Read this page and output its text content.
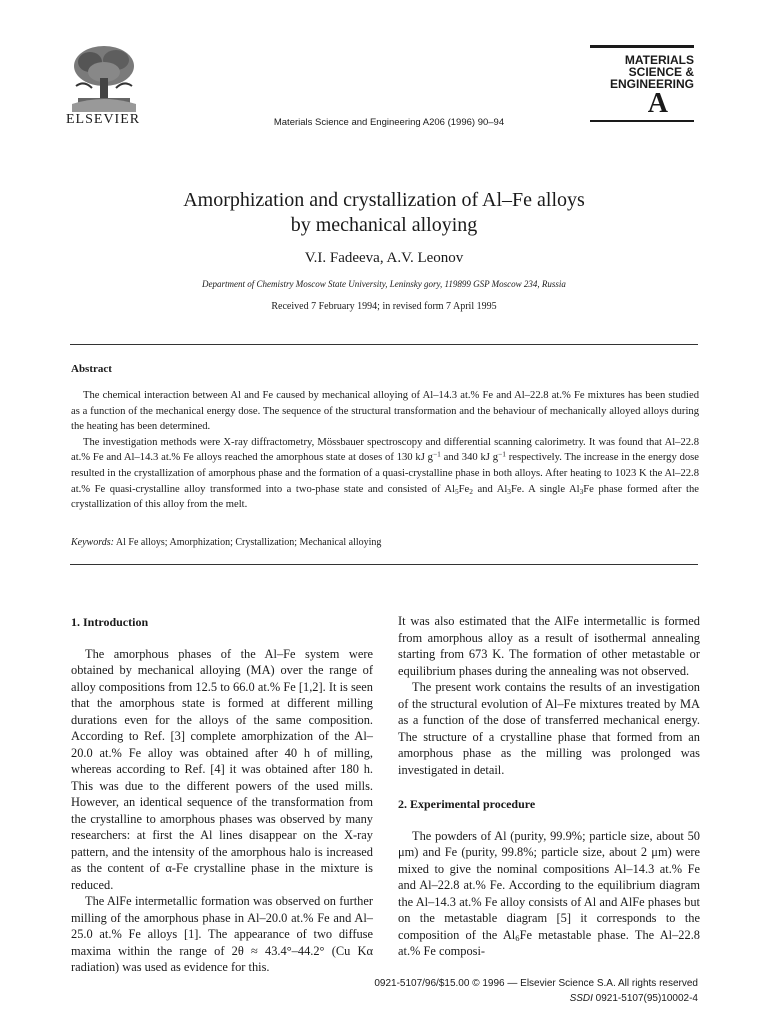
ELSEVIER	Materials Science and Engineering A206 (1996) 90–94
MATERIALS
SCIENCE &
ENGINEERING
A
Amorphization and crystallization of Al–Fe alloys
by mechanical alloying
V.I. Fadeeva, A.V. Leonov
Department of Chemistry Moscow State University, Leninsky gory, 119899 GSP Moscow 234, Russia
Received 7 February 1994; in revised form 7 April 1995
Abstract

The chemical interaction between Al and Fe caused by mechanical alloying of Al–14.3 at.% Fe and Al–22.8 at.% Fe mixtures has been studied as a function of the mechanical energy dose. The sequence of the structural transformation and the behaviour of mechanically alloyed alloys during the heating has been determined.

The investigation methods were X-ray diffractometry, Mössbauer spectroscopy and differential scanning calorimetry. It was found that Al–22.8 at.% Fe and Al–14.3 at.% Fe alloys reached the amorphous state at doses of 130 kJ $g^{-1}$ and 340 kJ $g^{-1}$ respectively. The increase in the energy dose resulted in the crystallization of amorphous phase and the formation of a quasi-crystalline phase in both alloys. After heating to 1023 K the Al–22.8 at.% Fe quasi-crystalline alloy transformed into a two-phase state and consisted of $Al_5Fe_2$ and $Al_3Fe$. A single $Al_3Fe$ phase formed after the crystallization of this alloy from the melt.

Keywords: Al Fe alloys; Amorphization; Crystallization; Mechanical alloying
1. Introduction

The amorphous phases of the Al–Fe system were obtained by mechanical alloying (MA) over the range of alloy compositions from 12.5 to 66.0 at.% Fe [1,2]. It is seen that the amorphous state is formed at different milling durations even for the alloys of the same composition. According to Ref. [3] complete amorphization of the Al–20.0 at.% Fe alloy was obtained after 40 h of milling, whereas according to Ref. [4] it was obtained after 180 h. This was due to the different powers of the used mills. However, an identical sequence of the transformation from the crystalline to amorphous phases was observed by many researchers: at first the Al lines disappear on the X-ray pattern, and the intensity of the amorphous halo is increased as the content of α-Fe crystalline phase in the mixture is reduced.

The AlFe intermetallic formation was observed on further milling of the amorphous phase in Al–20.0 at.% Fe and Al–25.0 at.% Fe alloys [1]. The appearance of two diffuse maxima within the range of 2θ ≈ 43.4°–44.2° (Cu Kα radiation) was used as evidence for this.

It was also estimated that the AlFe intermetallic is formed from amorphous alloy as a result of isothermal annealing starting from 673 K. The formation of other metastable or equilibrium phases during the annealing was not observed.

The present work contains the results of an investigation of the structural evolution of Al–Fe mixtures treated by MA as a function of the dose of transferred mechanical energy. The structure of a crystalline phase that formed from an amorphous phase as the milling was prolonged was investigated in detail.

2. Experimental procedure

The powders of Al (purity, 99.9%; particle size, about 50 μm) and Fe (purity, 99.8%; particle size, about 2 μm) were mixed to give the nominal compositions Al–14.3 at.% Fe and Al–22.8 at.% Fe. According to the equilibrium diagram the Al–14.3 at.% Fe alloy consists of Al and AlFe phases but on the metastable diagram [5] it corresponds to the composition of the $Al_6Fe$ metastable phase. The Al–22.8 at.% Fe composi-

0921-5107/96/$15.00 © 1996 — Elsevier Science S.A. All rights reserved
SSDI 0921-5107(95)10002-4
